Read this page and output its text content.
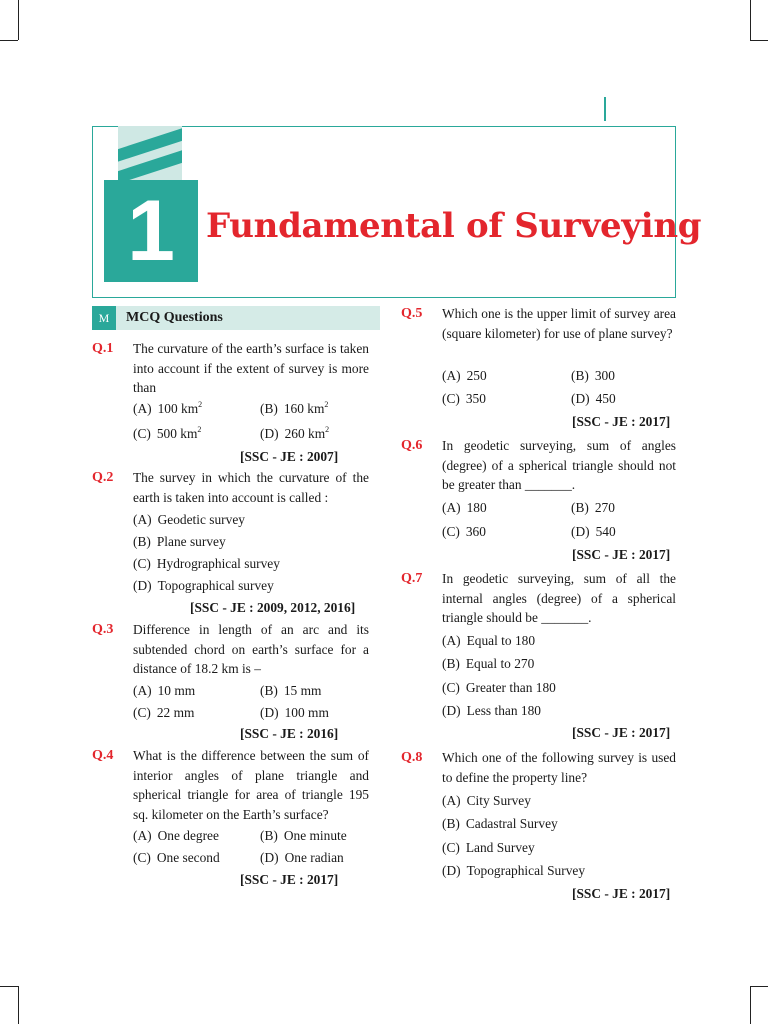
1 Fundamental of Surveying
M	MCQ Questions
Q.1 The curvature of the earth’s surface is taken into account if the extent of survey is more than
(A) 100 $km^2$	(B) 160 $km^2$
(C) 500 $km^2$	(D) 260 $km^2$
[SSC - JE : 2007]
Q.2 The survey in which the curvature of the earth is taken into account is called :
(A) Geodetic survey
(B) Plane survey
(C) Hydrographical survey
(D) Topographical survey
[SSC - JE : 2009, 2012, 2016]
Q.3 Difference in length of an arc and its subtended chord on earth’s surface for a distance of 18.2 km is –
(A) 10 mm	(B) 15 mm
(C) 22 mm	(D) 100 mm
[SSC - JE : 2016]
Q.4 What is the difference between the sum of interior angles of plane triangle and spherical triangle for area of triangle 195 sq. kilometer on the Earth’s surface?
(A) One degree	(B) One minute
(C) One second	(D) One radian
[SSC - JE : 2017]
Q.5 Which one is the upper limit of survey area (square kilometer) for use of plane survey?
(A) 250	(B) 300
(C) 350	(D) 450
[SSC - JE : 2017]
Q.6 In geodetic surveying, sum of angles (degree) of a spherical triangle should not be greater than _______.
(A) 180	(B) 270
(C) 360	(D) 540
[SSC - JE : 2017]
Q.7 In geodetic surveying, sum of all the internal angles (degree) of a spherical triangle should be _______.
(A) Equal to 180
(B) Equal to 270
(C) Greater than 180
(D) Less than 180
[SSC - JE : 2017]
Q.8 Which one of the following survey is used to define the property line?
(A) City Survey
(B) Cadastral Survey
(C) Land Survey
(D) Topographical Survey
[SSC - JE : 2017]
